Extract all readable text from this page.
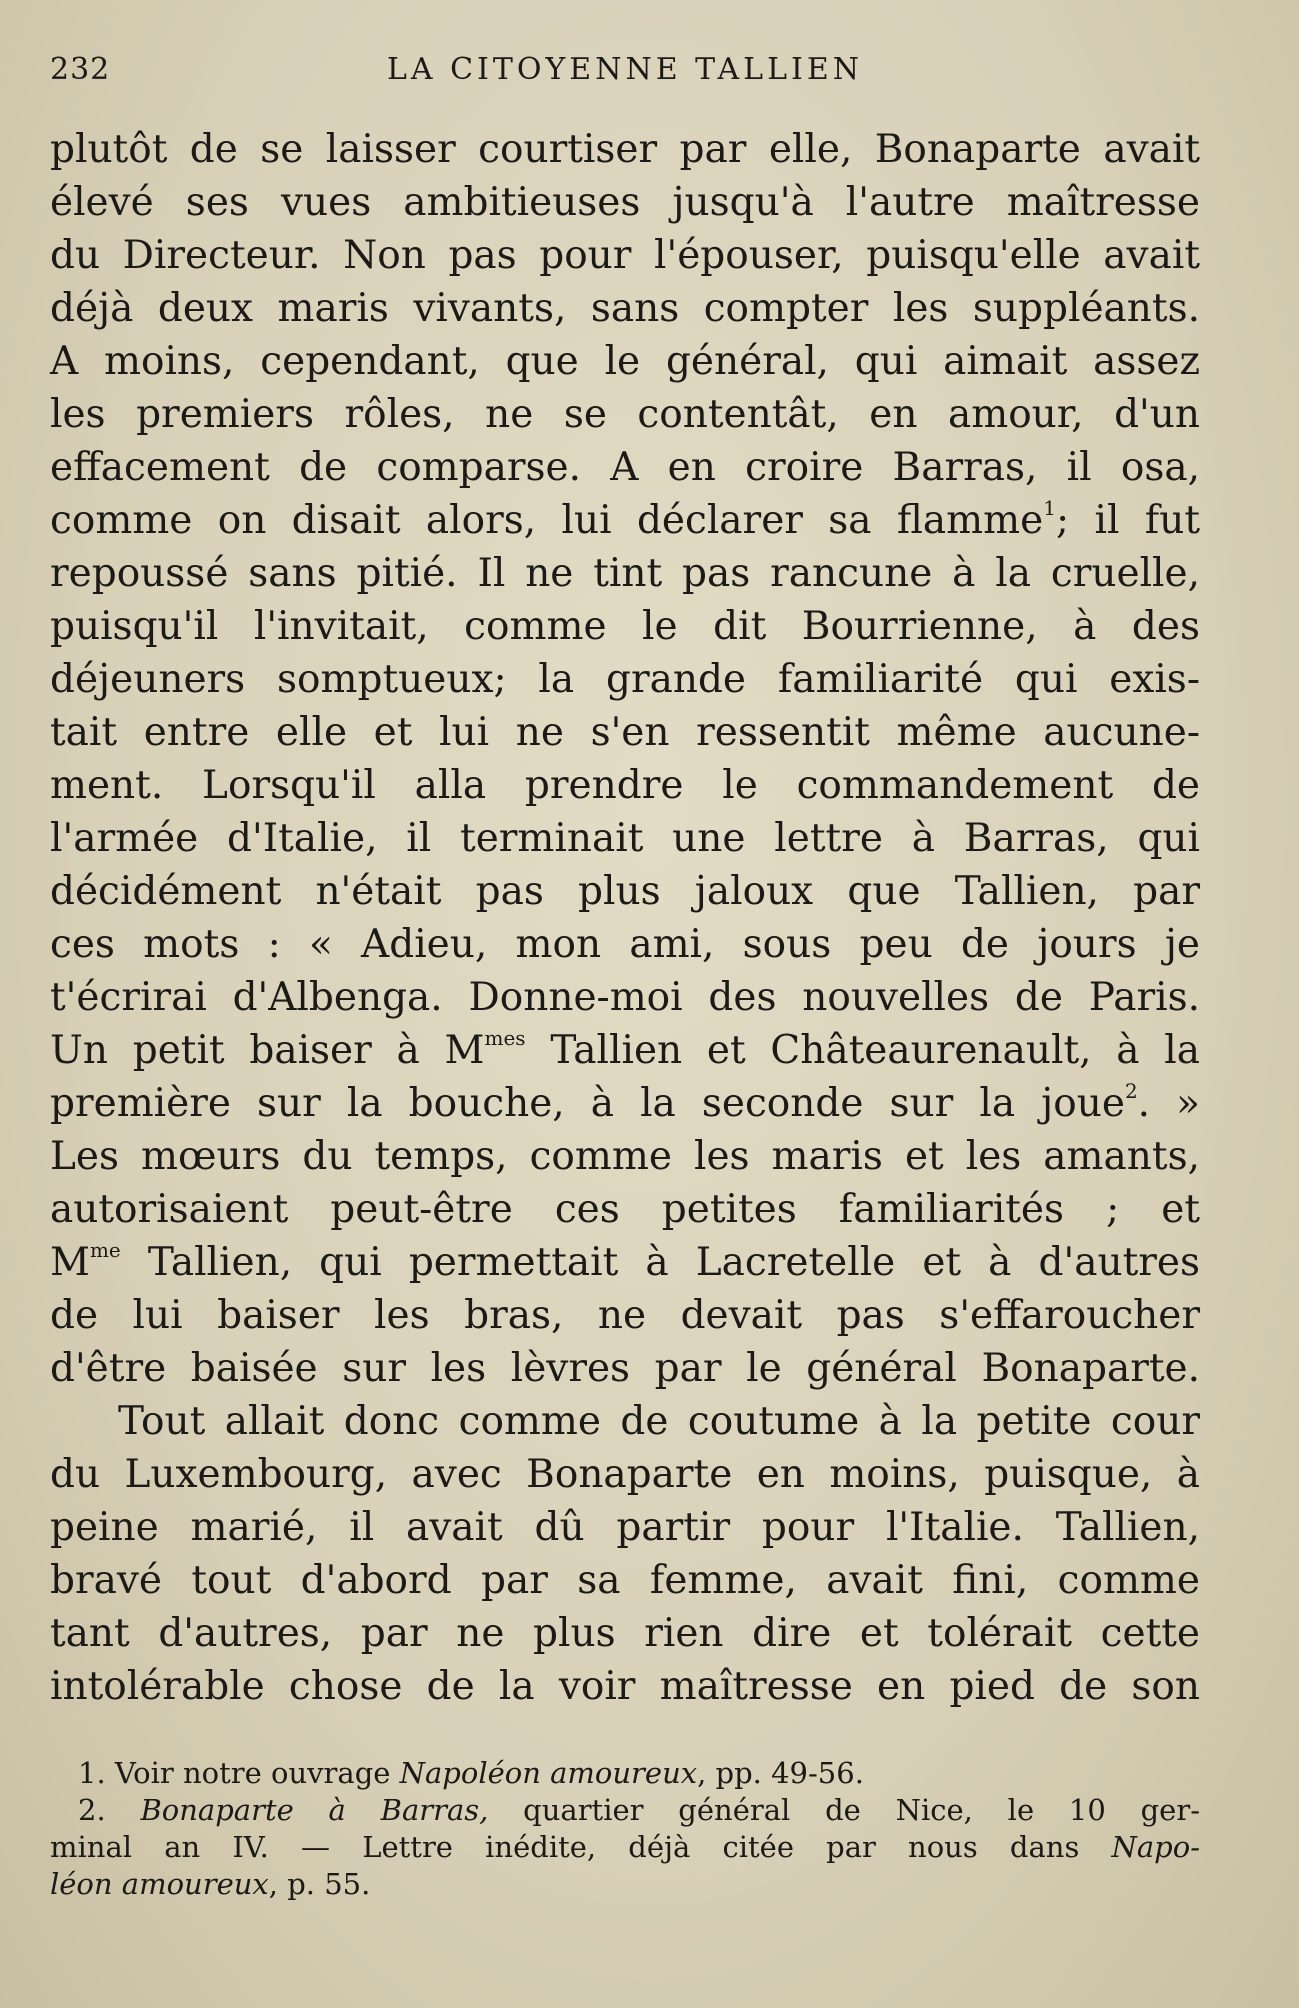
232	LA CITOYENNE TALLIEN
plutôt de se laisser courtiser par elle, Bonaparte avait
élevé ses vues ambitieuses jusqu'à l'autre maîtresse
du Directeur. Non pas pour l'épouser, puisqu'elle avait
déjà deux maris vivants, sans compter les suppléants.
A moins, cependant, que le général, qui aimait assez
les premiers rôles, ne se contentât, en amour, d'un
effacement de comparse. A en croire Barras, il osa,
comme on disait alors, lui déclarer sa flamme$^1$; il fut
repoussé sans pitié. Il ne tint pas rancune à la cruelle,
puisqu'il l'invitait, comme le dit Bourrienne, à des
déjeuners somptueux; la grande familiarité qui exis-
tait entre elle et lui ne s'en ressentit même aucune-
ment. Lorsqu'il alla prendre le commandement de
l'armée d'Italie, il terminait une lettre à Barras, qui
décidément n'était pas plus jaloux que Tallien, par
ces mots : « Adieu, mon ami, sous peu de jours je
t'écrirai d'Albenga. Donne-moi des nouvelles de Paris.
Un petit baiser à $M^{mes}$ Tallien et Châteaurenault, à la
première sur la bouche, à la seconde sur la joue$^2$. »
Les mœurs du temps, comme les maris et les amants,
autorisaient peut-être ces petites familiarités ; et
$M^{me}$ Tallien, qui permettait à Lacretelle et à d'autres
de lui baiser les bras, ne devait pas s'effaroucher
d'être baisée sur les lèvres par le général Bonaparte.
Tout allait donc comme de coutume à la petite cour
du Luxembourg, avec Bonaparte en moins, puisque, à
peine marié, il avait dû partir pour l'Italie. Tallien,
bravé tout d'abord par sa femme, avait fini, comme
tant d'autres, par ne plus rien dire et tolérait cette
intolérable chose de la voir maîtresse en pied de son
1. Voir notre ouvrage Napoléon amoureux, pp. 49-56.
2. Bonaparte à Barras, quartier général de Nice, le 10 ger-
minal an IV. — Lettre inédite, déjà citée par nous dans Napo-
léon amoureux, p. 55.
